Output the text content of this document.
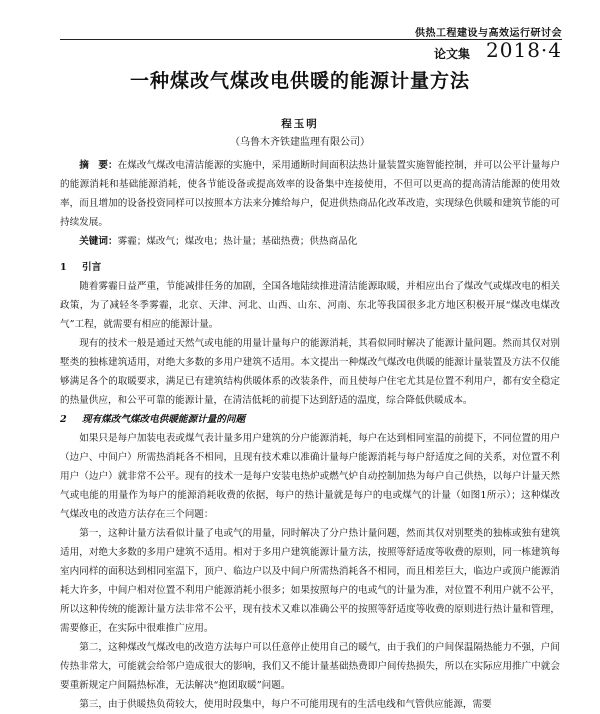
供热工程建设与高效运行研讨会
论文集 2018·4
一种煤改气煤改电供暖的能源计量方法
程玉明
（乌鲁木齐铁建监理有限公司）

摘　要：在煤改气煤改电清洁能源的实施中，采用通断时间面积法热计量装置实施智能控制，并可以公平计量每户的能源消耗和基础能源消耗，使各节能设备或提高效率的设备集中连接使用，不但可以更高的提高清洁能源的使用效率，而且增加的设备投资同样可以按照本方法来分摊给每户，促进供热商品化改革改造，实现绿色供暖和建筑节能的可持续发展。

关键词：雾霾；煤改气；煤改电；热计量；基础热费；供热商品化

1 引言

随着雾霾日益严重，节能减排任务的加剧，全国各地陆续推进清洁能源取暖，并相应出台了煤改气或煤改电的相关政策，为了减轻冬季雾霾，北京、天津、河北、山西、山东、河南、东北等我国很多北方地区积极开展“煤改电煤改气”工程，就需要有相应的能源计量。

现有的技术一般是通过天然气或电能的用量计量每户的能源消耗，其看似同时解决了能源计量问题。然而其仅对别墅类的独栋建筑适用，对绝大多数的多用户建筑不适用。本文提出一种煤改气煤改电供暖的能源计量装置及方法不仅能够满足各个的取暖要求，满足已有建筑结构供暖体系的改装条件，而且使每户住宅尤其是位置不利用户，都有安全稳定的热量供应，和公平可靠的能源计量，在清洁低耗的前提下达到舒适的温度，综合降低供暖成本。

2 现有煤改气煤改电供暖能源计量的问题

如果只是每户加装电表或煤气表计量多用户建筑的分户能源消耗，每户在达到相同室温的前提下，不同位置的用户（边户、中间户）所需热消耗各不相同，且现有技术难以准确计量每户能源消耗与每户舒适度之间的关系，对位置不利用户（边户）就非常不公平。现有的技术一是每户安装电热炉或燃气炉自动控制加热为每户自己供热，以每户计量天然气或电能的用量作为每户的能源消耗收费的依据，每户的热计量就是每户的电或煤气的计量（如图1所示）；这种煤改气煤改电的改造方法存在三个问题：

第一，这种计量方法看似计量了电或气的用量，同时解决了分户热计量问题，然而其仅对别墅类的独栋或独有建筑适用，对绝大多数的多用户建筑不适用。相对于多用户建筑能源计量方法，按照等舒适度等收费的原则，同一栋建筑每室内同样的面积达到相同室温下，顶户、临边户以及中间户所需热消耗各不相同，而且相差巨大，临边户或顶户能源消耗大许多，中间户相对位置不利用户能源消耗小很多；如果按照每户的电或气的计量为准，对位置不利用户就不公平，所以这种传统的能源计量方法非常不公平，现有技术又难以准确公平的按照等舒适度等收费的原则进行热计量和管理，需要修正，在实际中很难推广应用。

第二，这种煤改气煤改电的改造方法每户可以任意停止使用自己的暖气，由于我们的户间保温隔热能力不强，户间传热非常大，可能就会给邻户造成很大的影响，我们又不能计量基础热费即户间传热损失，所以在实际应用推广中就会要重新规定户间隔热标准，无法解决“抱团取暖”问题。

第三，由于供暖热负荷较大，使用时段集中，每户不可能用现有的生活电线和气管供应能源，需要
